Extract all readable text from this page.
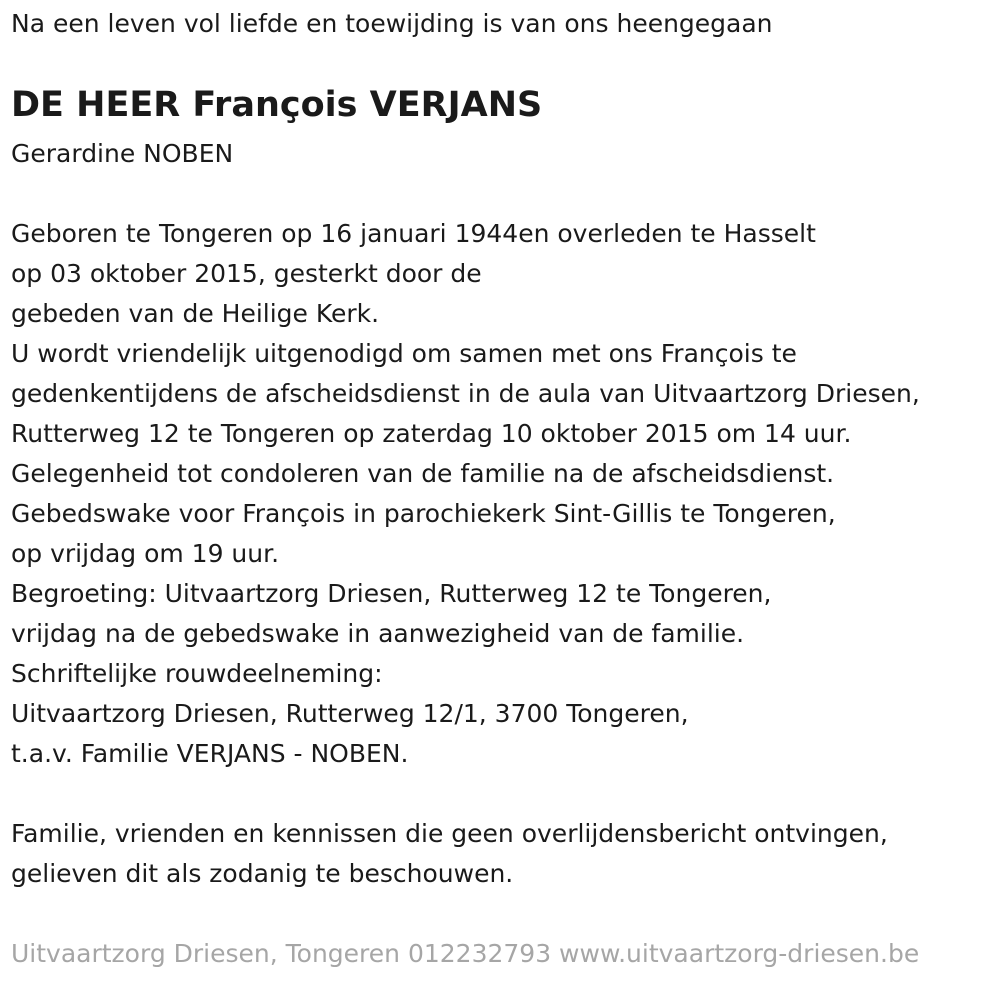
Na een leven vol liefde en toewijding is van ons heengegaan
DE HEER François VERJANS
Gerardine NOBEN
Geboren te Tongeren op 16 januari 1944en overleden te Hasselt
op 03 oktober 2015, gesterkt door de
gebeden van de Heilige Kerk.
U wordt vriendelijk uitgenodigd om samen met ons François te
gedenkentijdens de afscheidsdienst in de aula van Uitvaartzorg Driesen,
Rutterweg 12 te Tongeren op zaterdag 10 oktober 2015 om 14 uur.
Gelegenheid tot condoleren van de familie na de afscheidsdienst.
Gebedswake voor François in parochiekerk Sint-Gillis te Tongeren,
op vrijdag om 19 uur.
Begroeting: Uitvaartzorg Driesen, Rutterweg 12 te Tongeren,
vrijdag na de gebedswake in aanwezigheid van de familie.
Schriftelijke rouwdeelneming:
Uitvaartzorg Driesen, Rutterweg 12/1, 3700 Tongeren,
t.a.v. Familie VERJANS - NOBEN.
Familie, vrienden en kennissen die geen overlijdensbericht ontvingen,
gelieven dit als zodanig te beschouwen.
Uitvaartzorg Driesen, Tongeren 012232793 www.uitvaartzorg-driesen.be
